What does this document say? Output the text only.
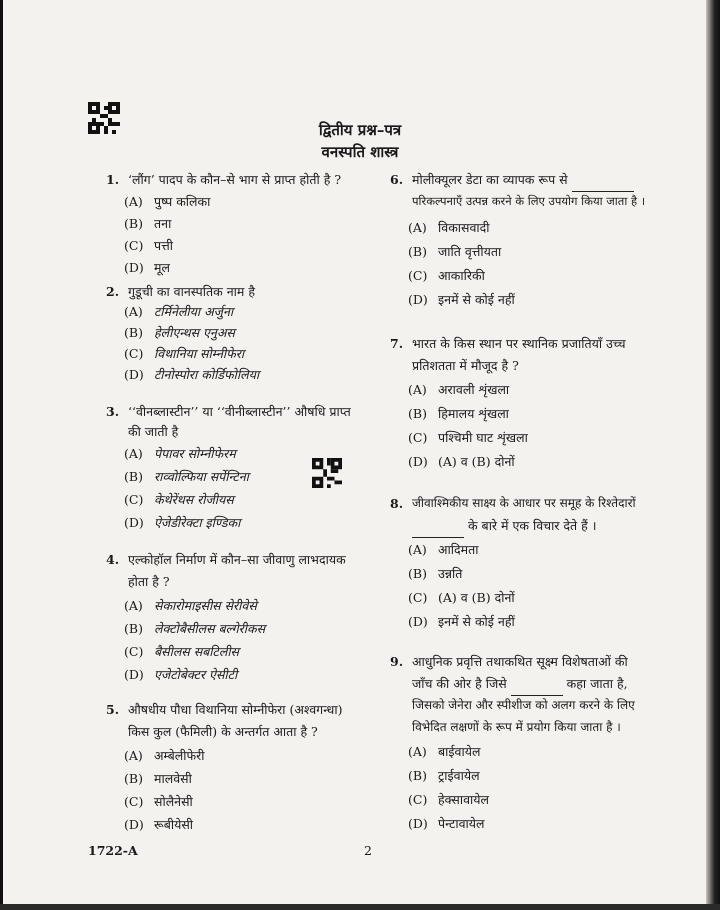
द्वितीय प्रश्न–पत्र
वनस्पति शास्त्र
1. ‘लौंग’ पादप के कौन–से भाग से प्राप्त होती है ?
(A) पुष्प कलिका
(B) तना
(C) पत्ती
(D) मूल
2. गुडूची का वानस्पतिक नाम है
(A) टर्मिनेलीया अर्जुना
(B) हेलीएन्थस एनुअस
(C) विथानिया सोम्नीफेरा
(D) टीनोस्पोरा कोर्डिफोलिया
3. ‘‘वीनब्लास्टीन’’ या ‘‘वीनीब्लास्टीन’’ औषधि प्राप्त
की जाती है
(A) पेपावर सोम्नीफेरम
(B) राव्वोल्फिया सर्पेन्टिना
(C) केथेरेंथस रोजीयस
(D) ऐजेडीरेक्टा इण्डिका
4. एल्कोहॉल निर्माण में कौन–सा जीवाणु लाभदायक
होता है ?
(A) सेकारोमाइसीस सेरीवेसे
(B) लेक्टोबैसीलस बल्गेरीकस
(C) बैसीलस सबटिलीस
(D) एजेटोबेक्टर ऐसीटी
5. औषधीय पौधा विथानिया सोम्नीफेरा (अश्वगन्धा)
किस कुल (फैमिली) के अन्तर्गत आता है ?
(A) अम्बेलीफेरी
(B) मालवेसी
(C) सोलैनेसी
(D) रूबीयेसी
6. मोलीक्यूलर डेटा का व्यापक रूप से
परिकल्पनाएँ उत्पन्न करने के लिए उपयोग किया जाता है ।
(A) विकासवादी
(B) जाति वृत्तीयता
(C) आकारिकी
(D) इनमें से कोई नहीं
7. भारत के किस स्थान पर स्थानिक प्रजातियाँ उच्च
प्रतिशतता में मौजूद है ?
(A) अरावली शृंखला
(B) हिमालय शृंखला
(C) पश्चिमी घाट शृंखला
(D) (A) व (B) दोनों
8. जीवाश्मिकीय साक्ष्य के आधार पर समूह के रिश्तेदारों
के बारे में एक विचार देते हैं ।
(A) आदिमता
(B) उन्नति
(C) (A) व (B) दोनों
(D) इनमें से कोई नहीं
9. आधुनिक प्रवृत्ति तथाकथित सूक्ष्म विशेषताओं की
जाँच की ओर है जिसे	कहा जाता है,
जिसको जेनेरा और स्पीशीज को अलग करने के लिए
विभेदित लक्षणों के रूप में प्रयोग किया जाता है ।
(A) बाईवायेल
(B) ट्राईवायेल
(C) हेक्सावायेल
(D) पेन्टावायेल
1722-A	2
